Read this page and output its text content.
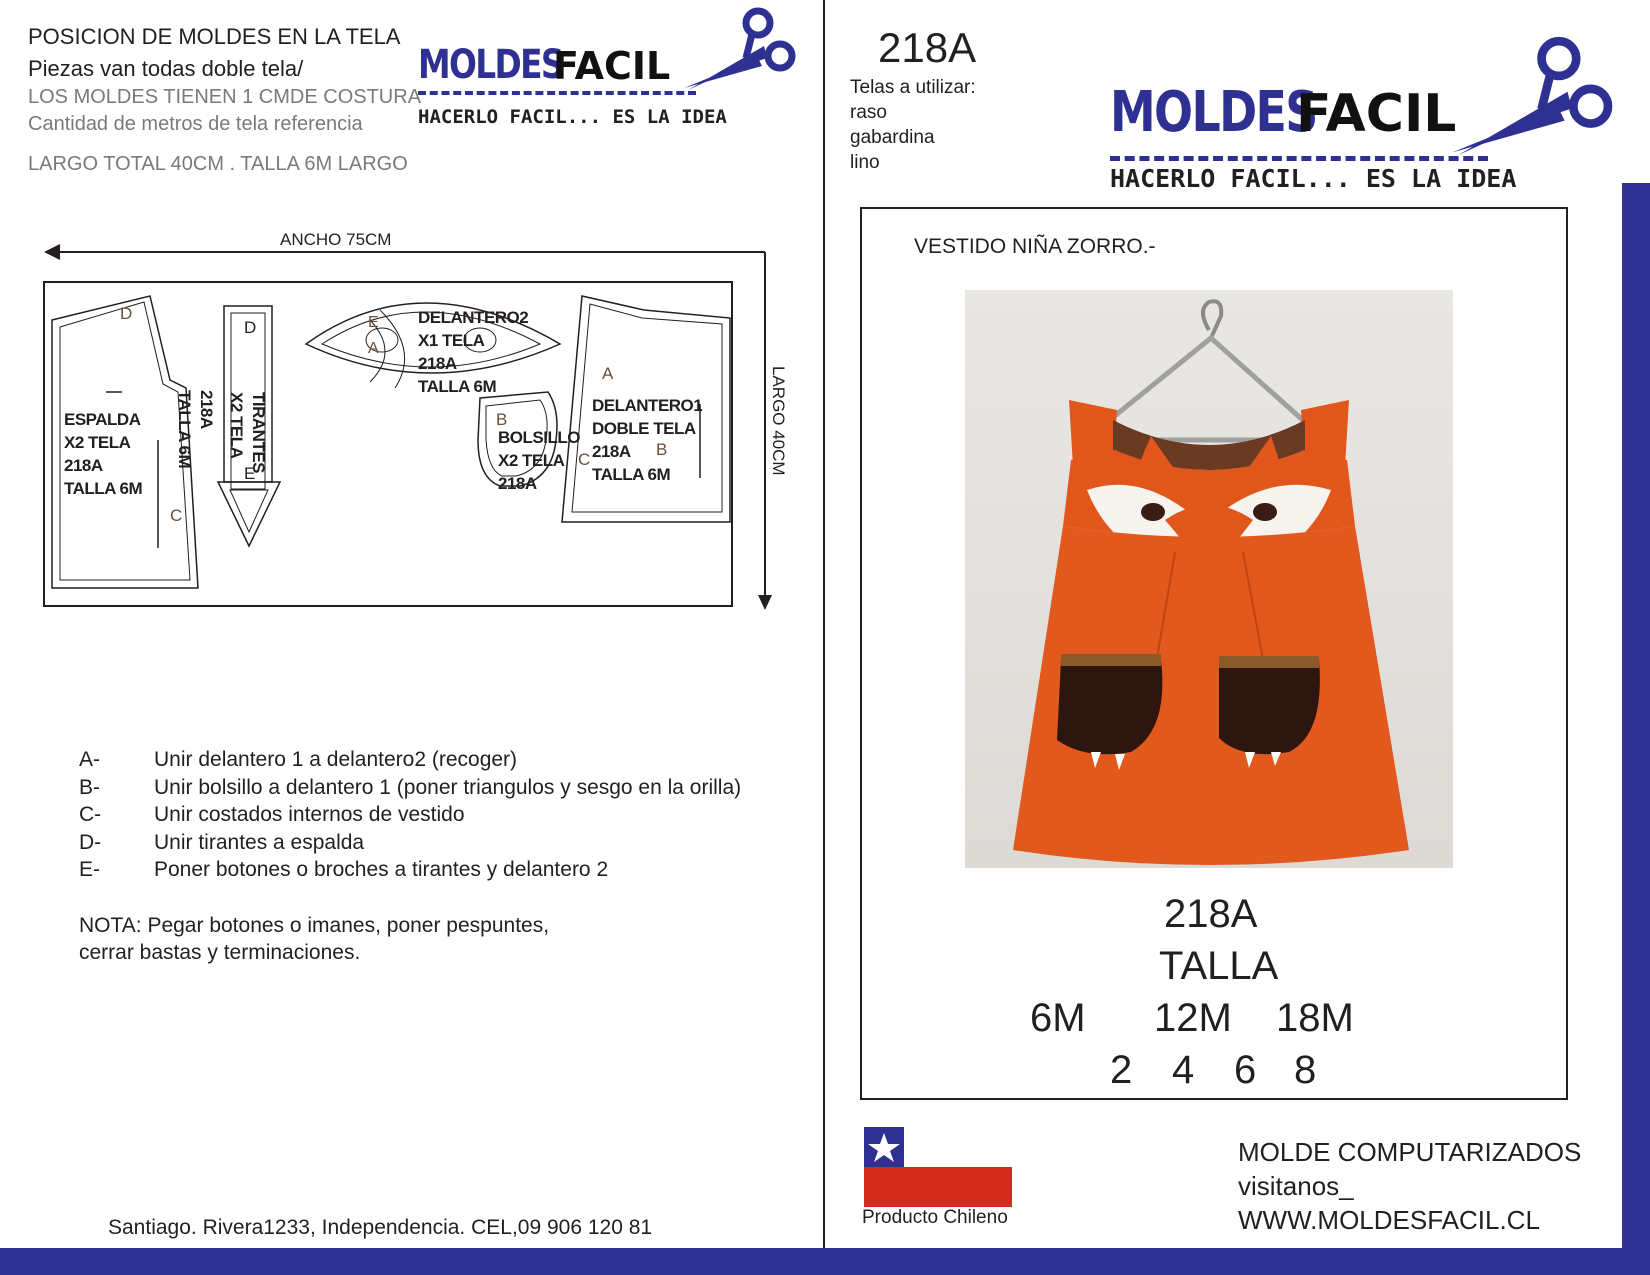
POSICION DE MOLDES EN LA TELA
Piezas van todas doble tela/
LOS MOLDES TIENEN 1 CMDE COSTURA
Cantidad de metros de tela referencia
LARGO TOTAL 40CM . TALLA 6M LARGO
MOLDES
FACIL
HACERLO FACIL... ES LA IDEA
ANCHO 75CM
ESPALDA
X2 TELA
218A
TALLA 6M
218A
TALLA 6M	TIRANTES
X2 TELA
DELANTERO2
X1 TELA
218A
TALLA 6M
BOLSILLO
X2 TELA
218A
DELANTERO1
DOBLE TELA
218A
TALLA 6M
D
C
D
E
E
A
B
A
B
C	LARGO 40CM
A-	Unir delantero 1 a delantero2 (recoger)
B-	Unir bolsillo a delantero 1 (poner triangulos y sesgo en la orilla)
C-	Unir costados internos de vestido
D-	Unir tirantes a espalda
E-	Poner botones o broches a tirantes y delantero 2
NOTA: Pegar botones o imanes, poner pespuntes,
cerrar bastas y terminaciones.
Santiago. Rivera1233, Independencia. CEL,09 906 120 81
218A
Telas a utilizar:
raso
gabardina
lino
MOLDES
FACIL
HACERLO FACIL... ES LA IDEA
VESTIDO NIÑA ZORRO.-
218A
TALLA
6M 12M 18M
2 4 6 8
Producto Chileno
MOLDE COMPUTARIZADOS
visitanos_
WWW.MOLDESFACIL.CL
